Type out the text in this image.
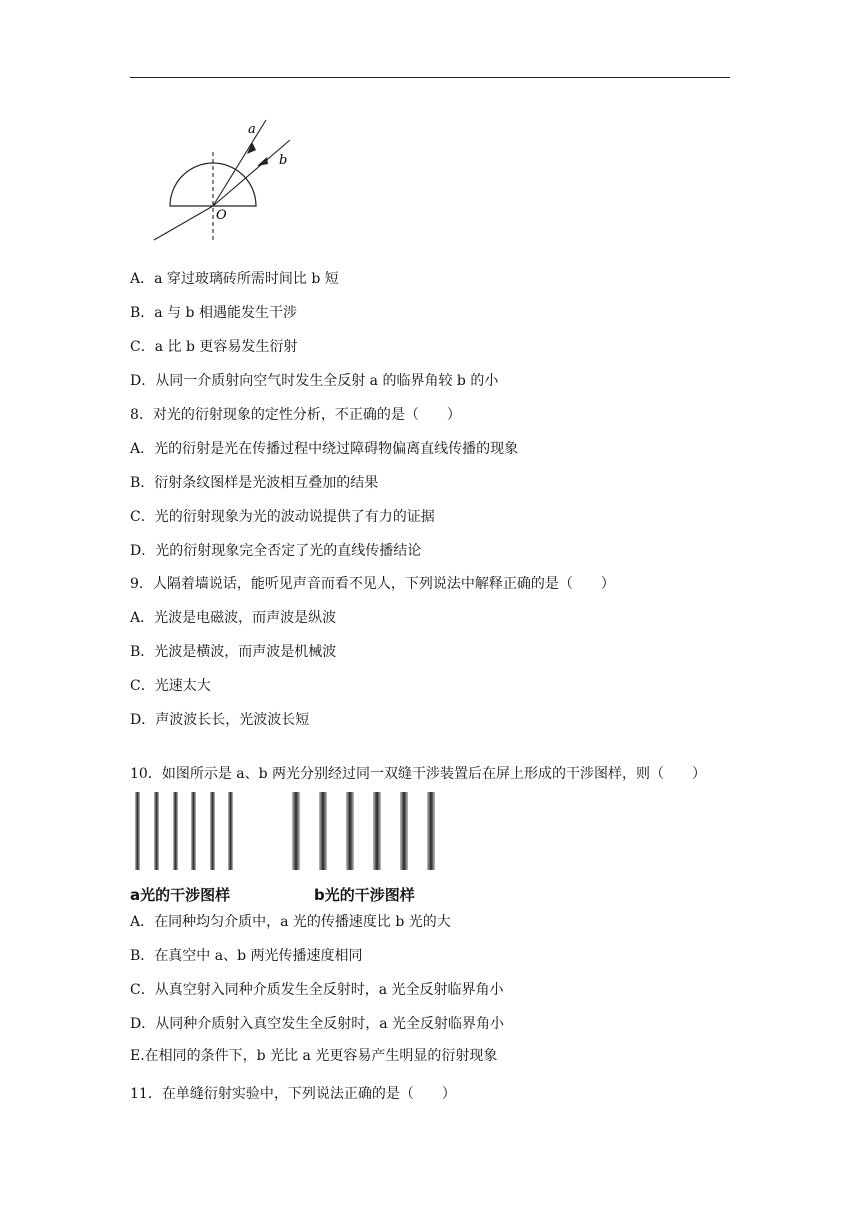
a
b
O
A．a 穿过玻璃砖所需时间比 b 短
B．a 与 b 相遇能发生干涉
C．a 比 b 更容易发生衍射
D．从同一介质射向空气时发生全反射 a 的临界角较 b 的小
8．对光的衍射现象的定性分析，不正确的是（　　）
A．光的衍射是光在传播过程中绕过障碍物偏离直线传播的现象
B．衍射条纹图样是光波相互叠加的结果
C．光的衍射现象为光的波动说提供了有力的证据
D．光的衍射现象完全否定了光的直线传播结论
9．人隔着墙说话，能听见声音而看不见人，下列说法中解释正确的是（　　）
A．光波是电磁波，而声波是纵波
B．光波是横波，而声波是机械波
C．光速太大
D．声波波长长，光波波长短
10．如图所示是 a、b 两光分别经过同一双缝干涉装置后在屏上形成的干涉图样，则（　　）
a光的干涉图样	b光的干涉图样
A．在同种均匀介质中，a 光的传播速度比 b 光的大
B．在真空中 a、b 两光传播速度相同
C．从真空射入同种介质发生全反射时，a 光全反射临界角小
D．从同种介质射入真空发生全反射时，a 光全反射临界角小
E.在相同的条件下，b 光比 a 光更容易产生明显的衍射现象
11．在单缝衍射实验中，下列说法正确的是（　　）
